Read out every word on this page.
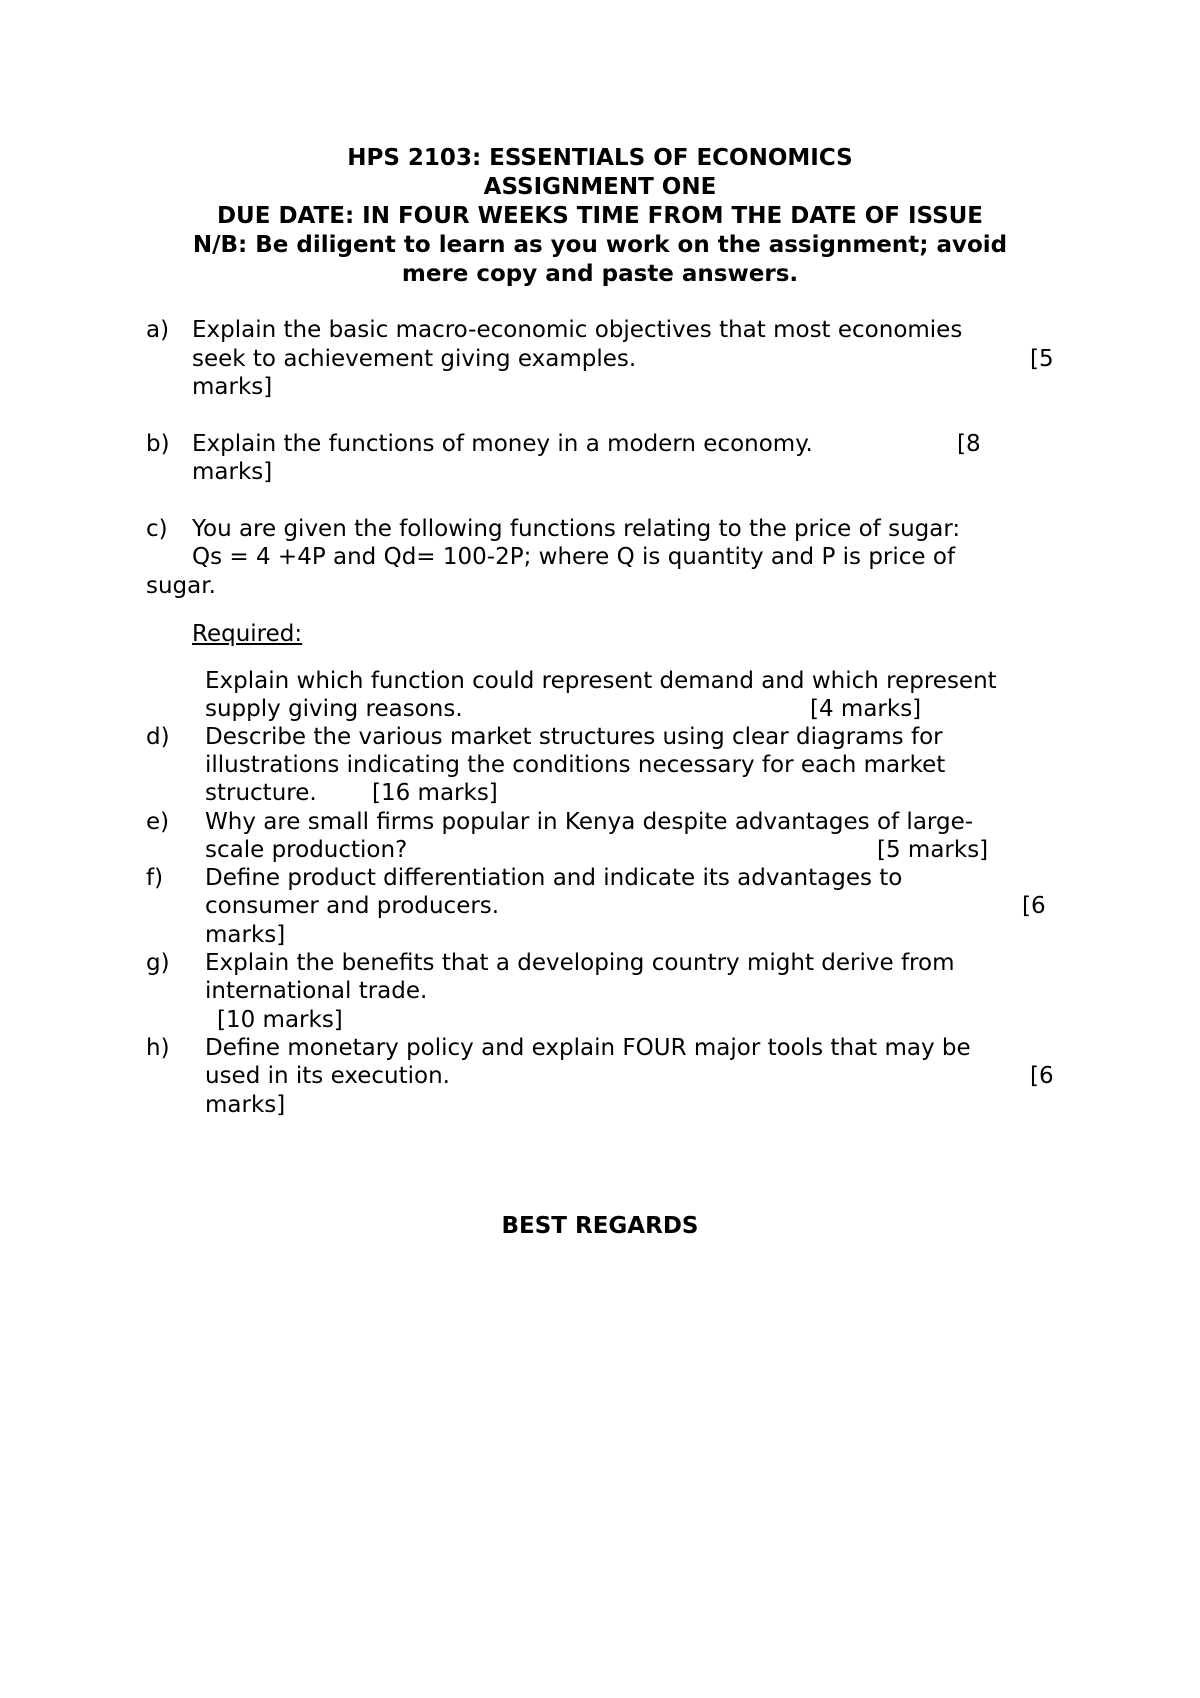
HPS 2103: ESSENTIALS OF ECONOMICS
ASSIGNMENT ONE
DUE DATE: IN FOUR WEEKS TIME FROM THE DATE OF ISSUE
N/B: Be diligent to learn as you work on the assignment; avoid
mere copy and paste answers.
a) Explain the basic macro-economic objectives that most economies
seek to achievement giving examples.	[5
marks]
b) Explain the functions of money in a modern economy.	[8
marks]
c) You are given the following functions relating to the price of sugar:
Qs = 4 +4P and Qd= 100-2P; where Q is quantity and P is price of
sugar.
Required:
Explain which function could represent demand and which represent
supply giving reasons.	[4 marks]
d) Describe the various market structures using clear diagrams for
illustrations indicating the conditions necessary for each market
structure. [16 marks]
e) Why are small firms popular in Kenya despite advantages of large-
scale production?	[5 marks]
f) Define product differentiation and indicate its advantages to
consumer and producers.	[6
marks]
g) Explain the benefits that a developing country might derive from
international trade.
[10 marks]
h) Define monetary policy and explain FOUR major tools that may be
used in its execution.	[6
marks]
BEST REGARDS
